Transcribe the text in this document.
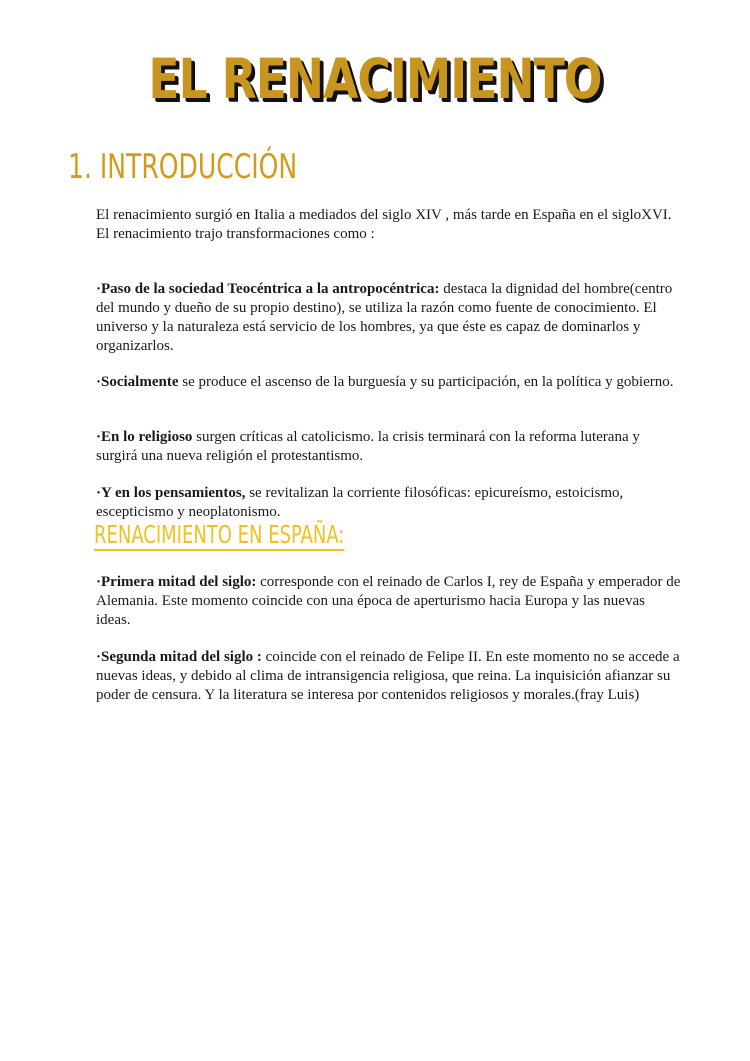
EL RENACIMIENTO
1. INTRODUCCIÓN

El renacimiento surgió en Italia a mediados del siglo XIV , más tarde en España en el sigloXVI.

El renacimiento trajo transformaciones como :

·Paso de la sociedad Teocéntrica a la antropocéntrica: destaca la dignidad del hombre(centro del mundo y dueño de su propio destino), se utiliza la razón como fuente de conocimiento. El universo y la naturaleza está servicio de los hombres, ya que éste es capaz de dominarlos y organizarlos.

·Socialmente se produce el ascenso de la burguesía y su participación, en la política y gobierno.

·En lo religioso surgen críticas al catolicismo. la crisis terminará con la reforma luterana y surgirá una nueva religión el protestantismo.

·Y en los pensamientos, se revitalizan la corriente filosóficas: epicureísmo, estoicismo, escepticismo y neoplatonismo.

RENACIMIENTO EN ESPAÑA:

·Primera mitad del siglo: corresponde con el reinado de Carlos I, rey de España y emperador de Alemania. Este momento coincide con una época de aperturismo hacia Europa y las nuevas ideas.

·Segunda mitad del siglo : coincide con el reinado de Felipe II. En este momento no se accede a nuevas ideas, y debido al clima de intransigencia religiosa, que reina. La inquisición afianzar su poder de censura. Y la literatura se interesa por contenidos religiosos y morales.(fray Luis)
